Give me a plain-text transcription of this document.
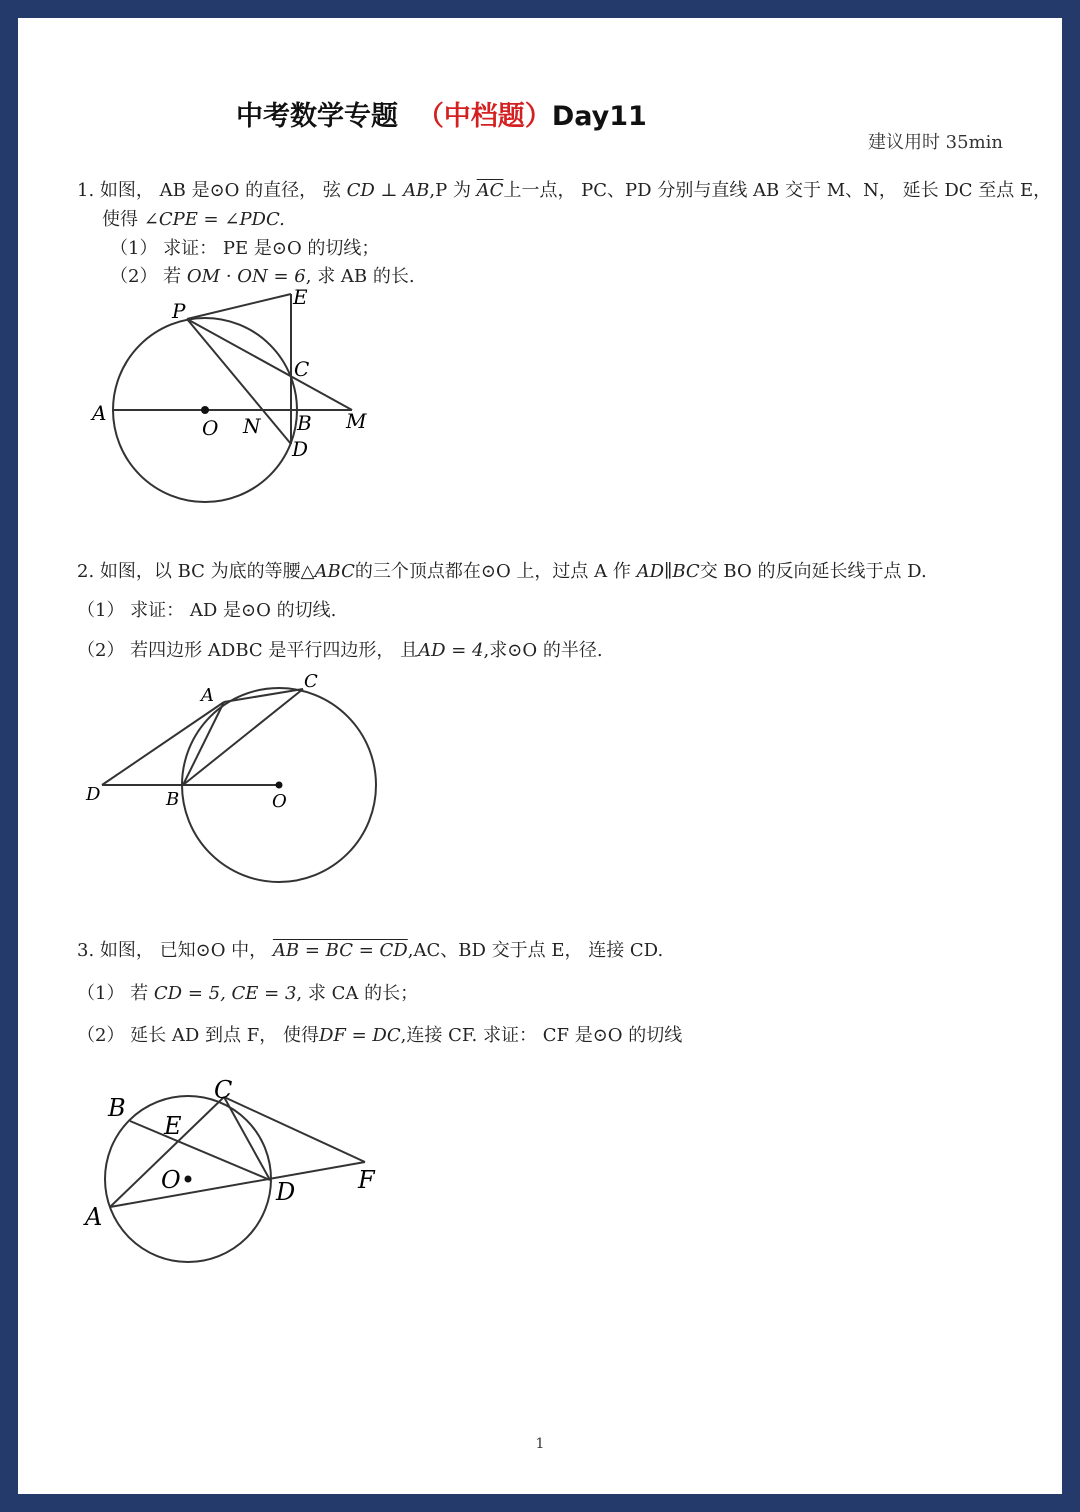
中考数学专题 （中档题）Day11
建议用时 35min
1. 如图， AB 是⊙O 的直径， 弦 CD ⊥ AB,P 为 $\overline{AC}$上一点， PC、PD 分别与直线 AB 交于 M、N， 延长 DC 至点 E，
使得 ∠CPE = ∠PDC.
（1） 求证： PE 是⊙O 的切线；
（2） 若 OM · ON = 6, 求 AB 的长.
P
E
C
A
O N B
D
M
2. 如图，以 BC 为底的等腰△ABC的三个顶点都在⊙O 上，过点 A 作 AD∥BC交 BO 的反向延长线于点 D.
（1） 求证： AD 是⊙O 的切线.
（2） 若四边形 ADBC 是平行四边形， 且AD = 4,求⊙O 的半径.
A
C
D	B	O
3. 如图， 已知⊙O 中， AB = BC = CD,AC、BD 交于点 E， 连接 CD.
（1） 若 CD = 5, CE = 3, 求 CA 的长；
（2） 延长 AD 到点 F， 使得DF = DC,连接 CF. 求证： CF 是⊙O 的切线
B
C
E
O	F
D
A
1
